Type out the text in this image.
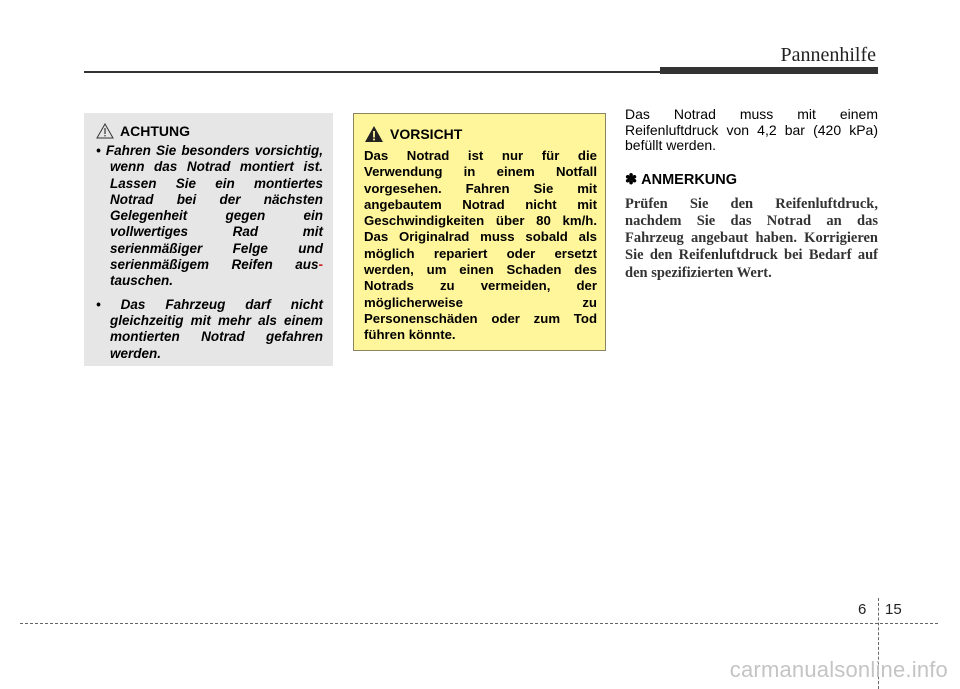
Pannenhilfe
ACHTUNG
• Fahren Sie besonders vorsichtig, wenn das Notrad montiert ist. Lassen Sie ein montiertes Notrad bei der nächsten Gelegenheit gegen ein vollwertiges Rad mit serienmäßiger Felge und serienmäßigem Reifen aus- tauschen.
• Das Fahrzeug darf nicht gleichzeitig mit mehr als einem montierten Notrad gefahren werden.
VORSICHT
Das Notrad ist nur für die Verwendung in einem Notfall vorgesehen. Fahren Sie mit angebautem Notrad nicht mit Geschwindigkeiten über 80 km/h. Das Originalrad muss sobald als möglich repariert oder ersetzt werden, um einen Schaden des Notrads zu vermeiden, der möglicherweise zu Personenschäden oder zum Tod führen könnte.

Das Notrad muss mit einem Reifenluftdruck von 4,2 bar (420 kPa) befüllt werden.

✽ ANMERKUNG
Prüfen Sie den Reifenluftdruck, nachdem Sie das Notrad an das Fahrzeug angebaut haben. Korrigieren Sie den Reifenluftdruck bei Bedarf auf den spezifizierten Wert.
6 15
carmanualsonline.info
